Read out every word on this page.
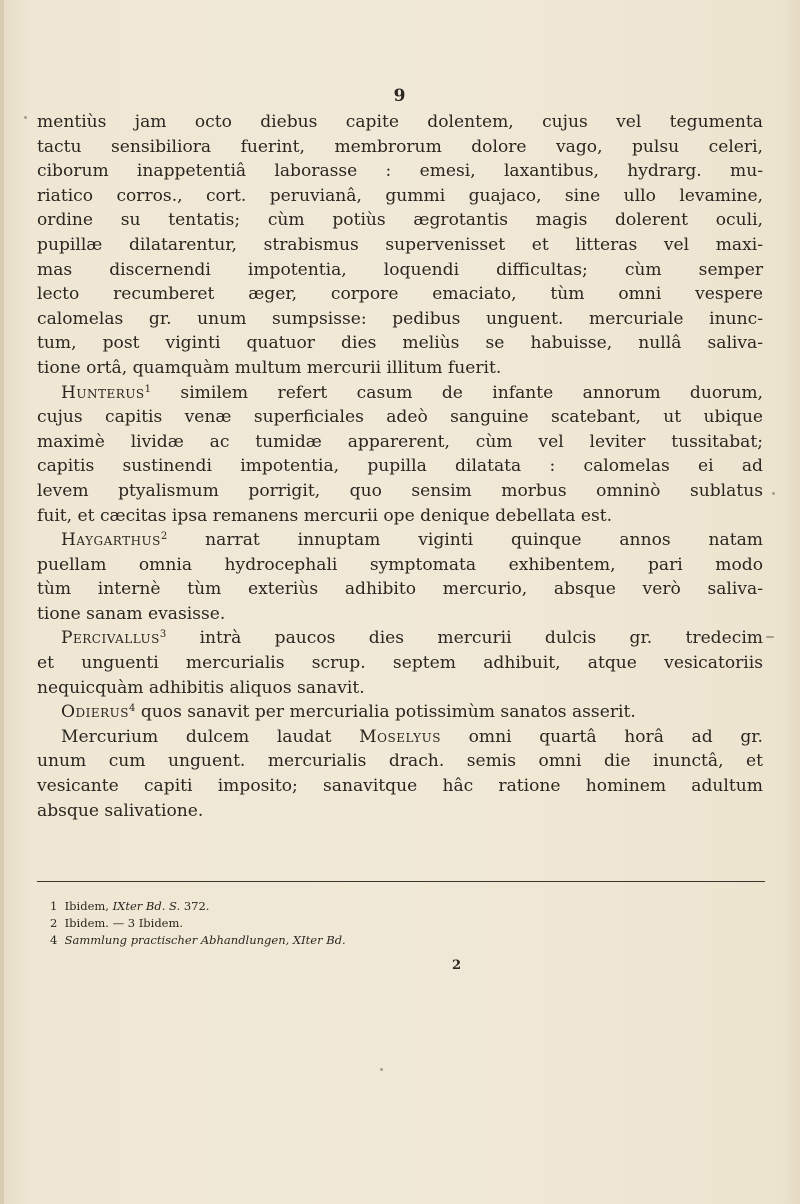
9
mentiùs jam octo diebus capite dolentem, cujus vel tegumenta
tactu sensibiliora fuerint, membrorum dolore vago, pulsu celeri,
ciborum inappetentiâ laborasse : emesi, laxantibus, hydrarg. mu-
riatico corros., cort. peruvianâ, gummi guajaco, sine ullo levamine,
ordine su tentatis; cùm potiùs ægrotantis magis dolerent oculi,
pupillæ dilatarentur, strabismus supervenisset et litteras vel maxi-
mas discernendi impotentia, loquendi difficultas; cùm semper
lecto recumberet æger, corpore emaciato, tùm omni vespere
calomelas gr. unum sumpsisse: pedibus unguent. mercuriale inunc-
tum, post viginti quatuor dies meliùs se habuisse, nullâ saliva-
tione ortâ, quamquàm multum mercurii illitum fuerit.
Hunterus$^1$ similem refert casum de infante annorum duorum,
cujus capitis venæ superficiales adeò sanguine scatebant, ut ubique
maximè lividæ ac tumidæ apparerent, cùm vel leviter tussitabat;
capitis sustinendi impotentia, pupilla dilatata : calomelas ei ad
levem ptyalismum porrigit, quo sensim morbus omninò sublatus
fuit, et cæcitas ipsa remanens mercurii ope denique debellata est.
Haygarthus$^2$ narrat innuptam viginti quinque annos natam
puellam omnia hydrocephali symptomata exhibentem, pari modo
tùm internè tùm exteriùs adhibito mercurio, absque verò saliva-
tione sanam evasisse.
Percivallus$^3$ intrà paucos dies mercurii dulcis gr. tredecim
et unguenti mercurialis scrup. septem adhibuit, atque vesicatoriis
nequicquàm adhibitis aliquos sanavit.
Odierus$^4$ quos sanavit per mercurialia potissimùm sanatos asserit.
Mercurium dulcem laudat Moselyus omni quartâ horâ ad gr.
unum cum unguent. mercurialis drach. semis omni die inunctâ, et
vesicante capiti imposito; sanavitque hâc ratione hominem adultum
absque salivatione.
1 Ibidem, IXter Bd. S. 372.
2 Ibidem. — 3 Ibidem.
4 Sammlung practischer Abhandlungen, XIter Bd.
2
